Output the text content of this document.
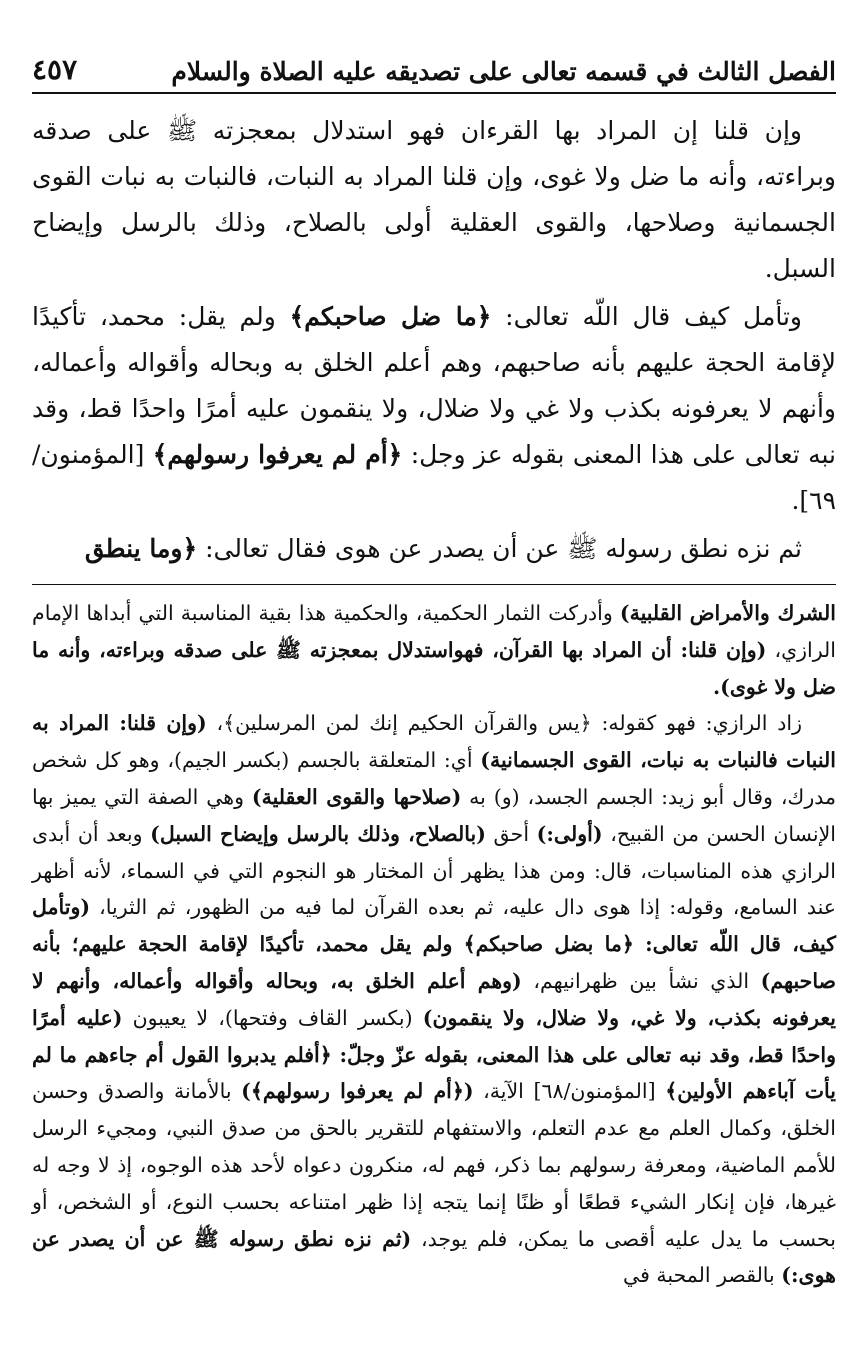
الفصل الثالث في قسمه تعالى على تصديقه عليه الصلاة والسلام
٤٥٧

وإن قلنا إن المراد بها القرءان فهو استدلال بمعجزته ﷺ على صدقه وبراءته، وأنه ما ضل ولا غوى، وإن قلنا المراد به النبات، فالنبات به نبات القوى الجسمانية وصلاحها، والقوى العقلية أولى بالصلاح، وذلك بالرسل وإيضاح السبل.

وتأمل كيف قال اللّه تعالى: ﴿ما ضل صاحبكم﴾ ولم يقل: محمد، تأكيدًا لإقامة الحجة عليهم بأنه صاحبهم، وهم أعلم الخلق به وبحاله وأقواله وأعماله، وأنهم لا يعرفونه بكذب ولا غي ولا ضلال، ولا ينقمون عليه أمرًا واحدًا قط، وقد نبه تعالى على هذا المعنى بقوله عز وجل: ﴿أم لم يعرفوا رسولهم﴾ [المؤمنون/ ٦٩].

ثم نزه نطق رسوله ﷺ عن أن يصدر عن هوى فقال تعالى: ﴿وما ينطق

الشرك والأمراض القلبية) وأدركت الثمار الحكمية، والحكمية هذا بقية المناسبة التي أبداها الإمام الرازي، (وإن قلنا: أن المراد بها القرآن، فهواستدلال بمعجزته ﷺ على صدقه وبراءته، وأنه ما ضل ولا غوى).

زاد الرازي: فهو كقوله: ﴿يس والقرآن الحكيم إنك لمن المرسلين﴾، (وإن قلنا: المراد به النبات فالنبات به نبات، القوى الجسمانية) أي: المتعلقة بالجسم (بكسر الجيم)، وهو كل شخص مدرك، وقال أبو زيد: الجسم الجسد، (و) به (صلاحها والقوى العقلية) وهي الصفة التي يميز بها الإنسان الحسن من القبيح، (أولى:) أحق (بالصلاح، وذلك بالرسل وإيضاح السبل) وبعد أن أبدى الرازي هذه المناسبات، قال: ومن هذا يظهر أن المختار هو النجوم التي في السماء، لأنه أظهر عند السامع، وقوله: إذا هوى دال عليه، ثم بعده القرآن لما فيه من الظهور، ثم الثريا، (وتأمل كيف، قال اللّه تعالى: ﴿ما بضل صاحبكم﴾ ولم يقل محمد، تأكيدًا لإقامة الحجة عليهم؛ بأنه صاحبهم) الذي نشأ بين ظهرانيهم، (وهم أعلم الخلق به، وبحاله وأقواله وأعماله، وأنهم لا يعرفونه بكذب، ولا غي، ولا ضلال، ولا ينقمون) (بكسر القاف وفتحها)، لا يعيبون (عليه أمرًا واحدًا قط، وقد نبه تعالى على هذا المعنى، بقوله عزّ وجلّ: ﴿أفلم يدبروا القول أم جاءهم ما لم يأت آباءهم الأولين﴾ [المؤمنون/٦٨] الآية، (﴿أم لم يعرفوا رسولهم﴾) بالأمانة والصدق وحسن الخلق، وكمال العلم مع عدم التعلم، والاستفهام للتقرير بالحق من صدق النبي، ومجيء الرسل للأمم الماضية، ومعرفة رسولهم بما ذكر، فهم له، منكرون دعواه لأحد هذه الوجوه، إذ لا وجه له غيرها، فإن إنكار الشيء قطعًا أو ظنًا إنما يتجه إذا ظهر امتناعه بحسب النوع، أو الشخص، أو بحسب ما يدل عليه أقصى ما يمكن، فلم يوجد، (ثم نزه نطق رسوله ﷺ عن أن يصدر عن هوى:) بالقصر المحبة في
